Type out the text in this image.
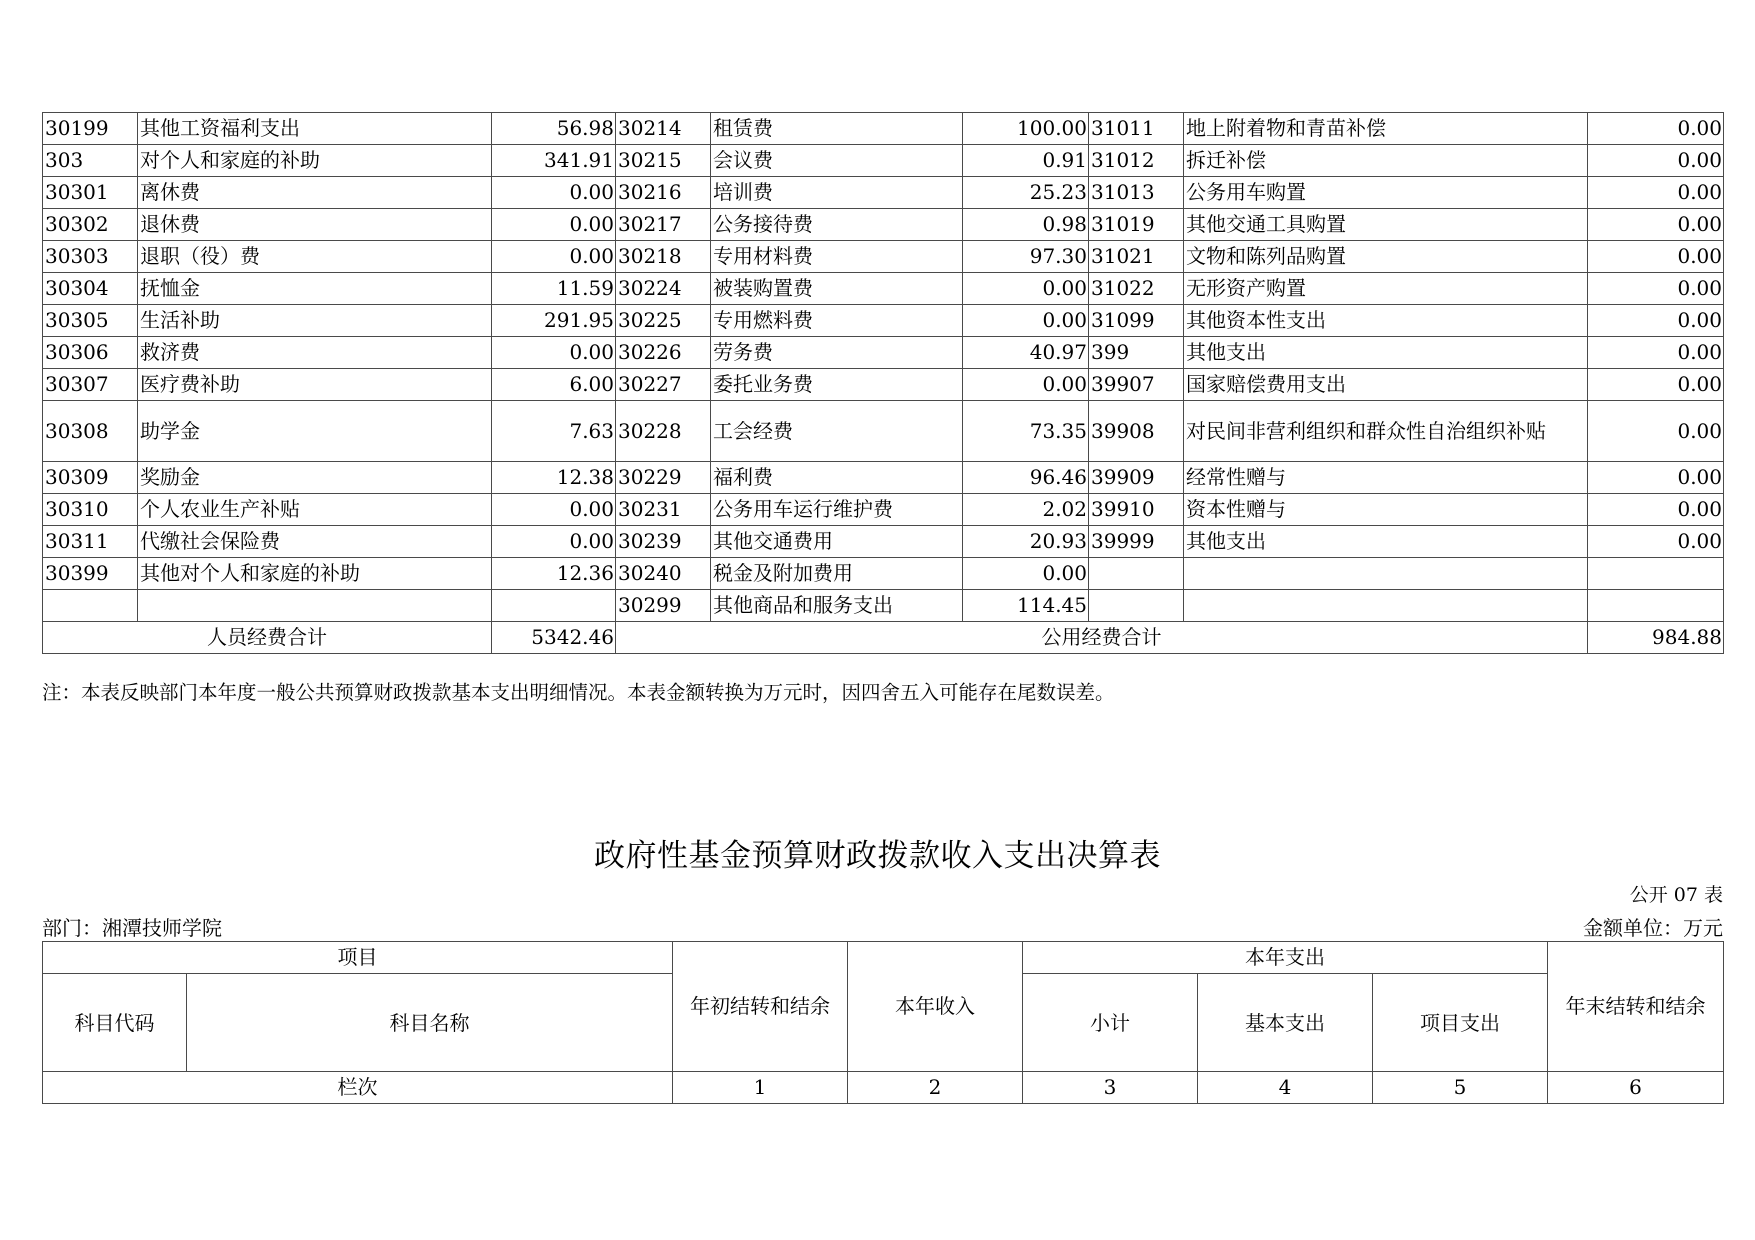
30199	其他工资福利支出	56.98	30214	租赁费	100.00	31011	地上附着物和青苗补偿	0.00
303	对个人和家庭的补助	341.91	30215	会议费	0.91	31012	拆迁补偿	0.00
30301	离休费	0.00	30216	培训费	25.23	31013	公务用车购置	0.00
30302	退休费	0.00	30217	公务接待费	0.98	31019	其他交通工具购置	0.00
30303	退职（役）费	0.00	30218	专用材料费	97.30	31021	文物和陈列品购置	0.00
30304	抚恤金	11.59	30224	被装购置费	0.00	31022	无形资产购置	0.00
30305	生活补助	291.95	30225	专用燃料费	0.00	31099	其他资本性支出	0.00
30306	救济费	0.00	30226	劳务费	40.97	399	其他支出	0.00
30307	医疗费补助	6.00	30227	委托业务费	0.00	39907	国家赔偿费用支出	0.00
30308	助学金	7.63	30228	工会经费	73.35	39908	对民间非营利组织和群众性自治组织补贴	0.00
30309	奖励金	12.38	30229	福利费	96.46	39909	经常性赠与	0.00
30310	个人农业生产补贴	0.00	30231	公务用车运行维护费	2.02	39910	资本性赠与	0.00
30311	代缴社会保险费	0.00	30239	其他交通费用	20.93	39999	其他支出	0.00
30399	其他对个人和家庭的补助	12.36	30240	税金及附加费用	0.00			
			30299	其他商品和服务支出	114.45			
人员经费合计		5342.46	公用经费合计					984.88
注：本表反映部门本年度一般公共预算财政拨款基本支出明细情况。本表金额转换为万元时，因四舍五入可能存在尾数误差。
政府性基金预算财政拨款收入支出决算表
公开 07 表
部门：湘潭技师学院	金额单位：万元
项目		年初结转和结余	本年收入	本年支出			年末结转和结余
科目代码	科目名称			小计	基本支出	项目支出	
栏次		1	2	3	4	5	6
